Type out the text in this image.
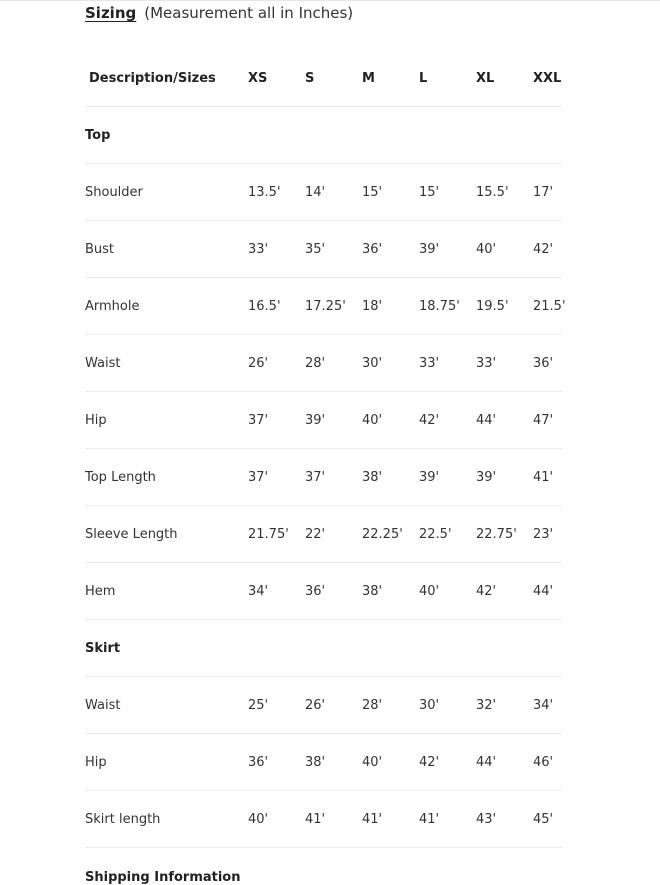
Sizing (Measurement all in Inches)
Description/Sizes	XS	S	M	L	XL	XXL
Top						
Shoulder	13.5'	14'	15'	15'	15.5'	17'
Bust	33'	35'	36'	39'	40'	42'
Armhole	16.5'	17.25'	18'	18.75'	19.5'	21.5'
Waist	26'	28'	30'	33'	33'	36'
Hip	37'	39'	40'	42'	44'	47'
Top Length	37'	37'	38'	39'	39'	41'
Sleeve Length	21.75'	22'	22.25'	22.5'	22.75'	23'
Hem	34'	36'	38'	40'	42'	44'
Skirt						
Waist	25'	26'	28'	30'	32'	34'
Hip	36'	38'	40'	42'	44'	46'
Skirt length	40'	41'	41'	41'	43'	45'
Shipping Information
